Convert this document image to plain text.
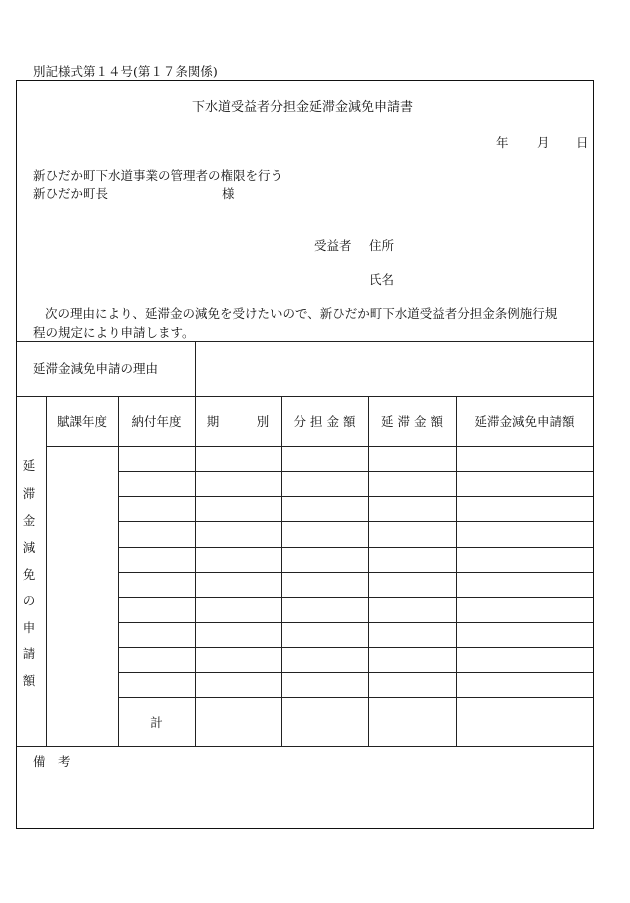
別記様式第１４号(第１７条関係)
下水道受益者分担金延滞金減免申請書
年 月 日
新ひだか町下水道事業の管理者の権限を行う
新ひだか町長	様
受益者 住所
氏名
次の理由により、延滞金の減免を受けたいので、新ひだか町下水道受益者分担金条例施行規
程の規定により申請します。
延滞金減免申請の理由
賦課年度	納付年度	期　　　別	分 担 金 額	延 滞 金 額	延滞金減免申請額
延
滞
金
減
免
の
申
請
額
計
備　考
